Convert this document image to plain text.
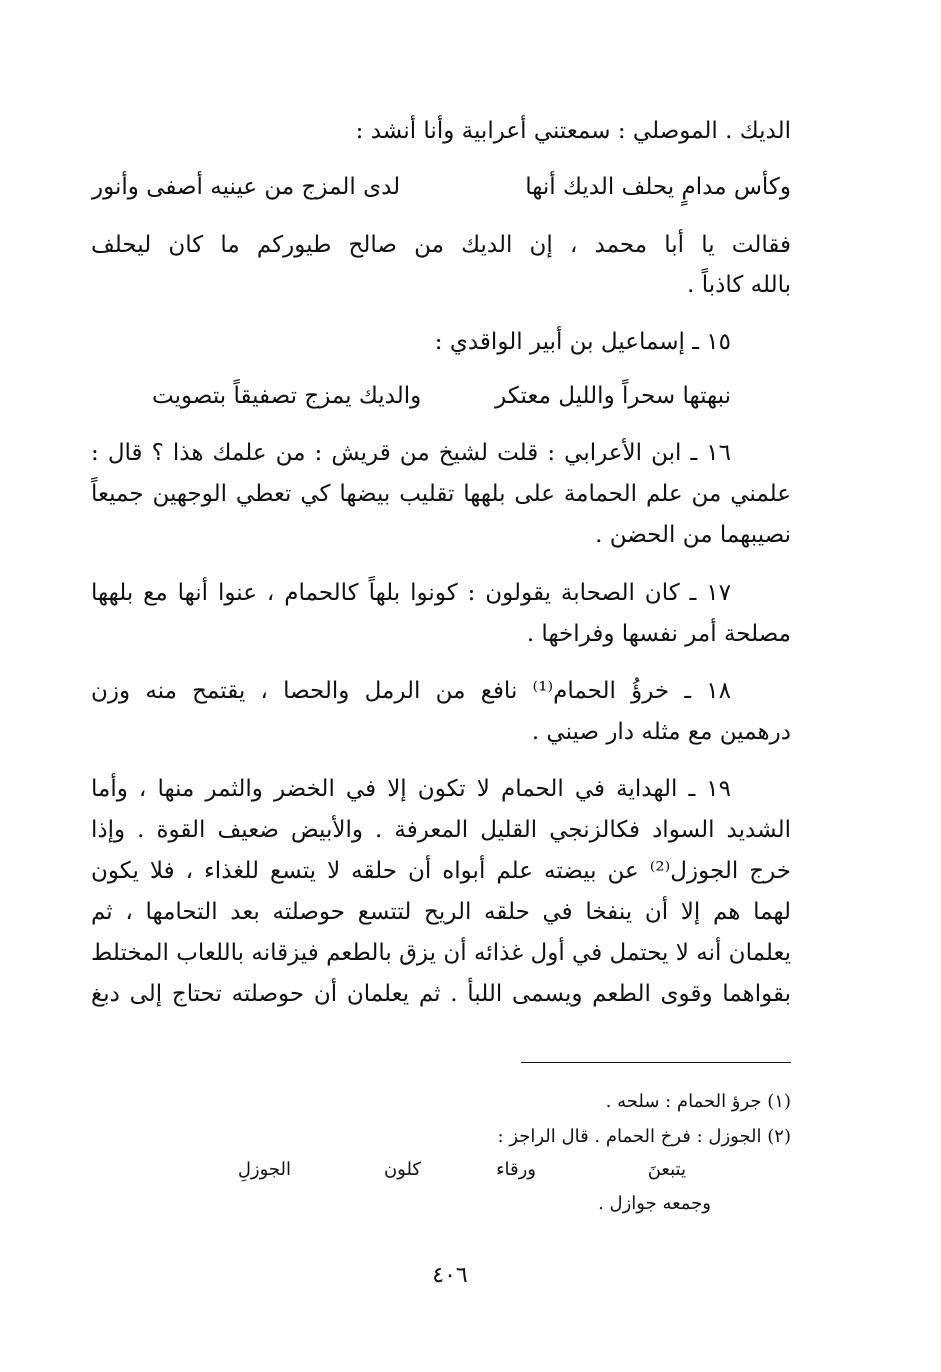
الديك . الموصلي : سمعتني أعرابية وأنا أنشد :
وكأس مدامٍ يحلف الديك أنها
لدى المزج من عينيه أصفى وأنور
فقالت يا أبا محمد ، إن الديك من صالح طيوركم ما كان ليحلف
بالله كاذباً .
١٥ ـ إسماعيل بن أبير الواقدي :
نبهتها سحراً والليل معتكر
والديك يمزج تصفيقاً بتصويت
١٦ ـ ابن الأعرابي : قلت لشيخ من قريش : من علمك هذا ؟ قال :
علمني من علم الحمامة على بلهها تقليب بيضها كي تعطي الوجهين جميعاً
نصيبهما من الحضن .
١٧ ـ كان الصحابة يقولون : كونوا بلهاً كالحمام ، عنوا أنها مع بلهها
مصلحة أمر نفسها وفراخها .
١٨ ـ خرؤُ الحمام⁽¹⁾ نافع من الرمل والحصا ، يقتمح منه وزن
درهمين مع مثله دار صيني .
١٩ ـ الهداية في الحمام لا تكون إلا في الخضر والثمر منها ، وأما
الشديد السواد فكالزنجي القليل المعرفة . والأبيض ضعيف القوة . وإذا
خرج الجوزل⁽²⁾ عن بيضته علم أبواه أن حلقه لا يتسع للغذاء ، فلا يكون
لهما هم إلا أن ينفخا في حلقه الريح لتتسع حوصلته بعد التحامها ، ثم
يعلمان أنه لا يحتمل في أول غذائه أن يزق بالطعم فيزقانه باللعاب المختلط
بقواهما وقوى الطعم ويسمى اللبأ . ثم يعلمان أن حوصلته تحتاج إلى دبغ
(١) جرؤ الحمام : سلحه .
(٢) الجوزل : فرخ الحمام . قال الراجز :
يتبعنَ
ورقاء
كلون
الجوزلِ
وجمعه جوازل .
٤٠٦
